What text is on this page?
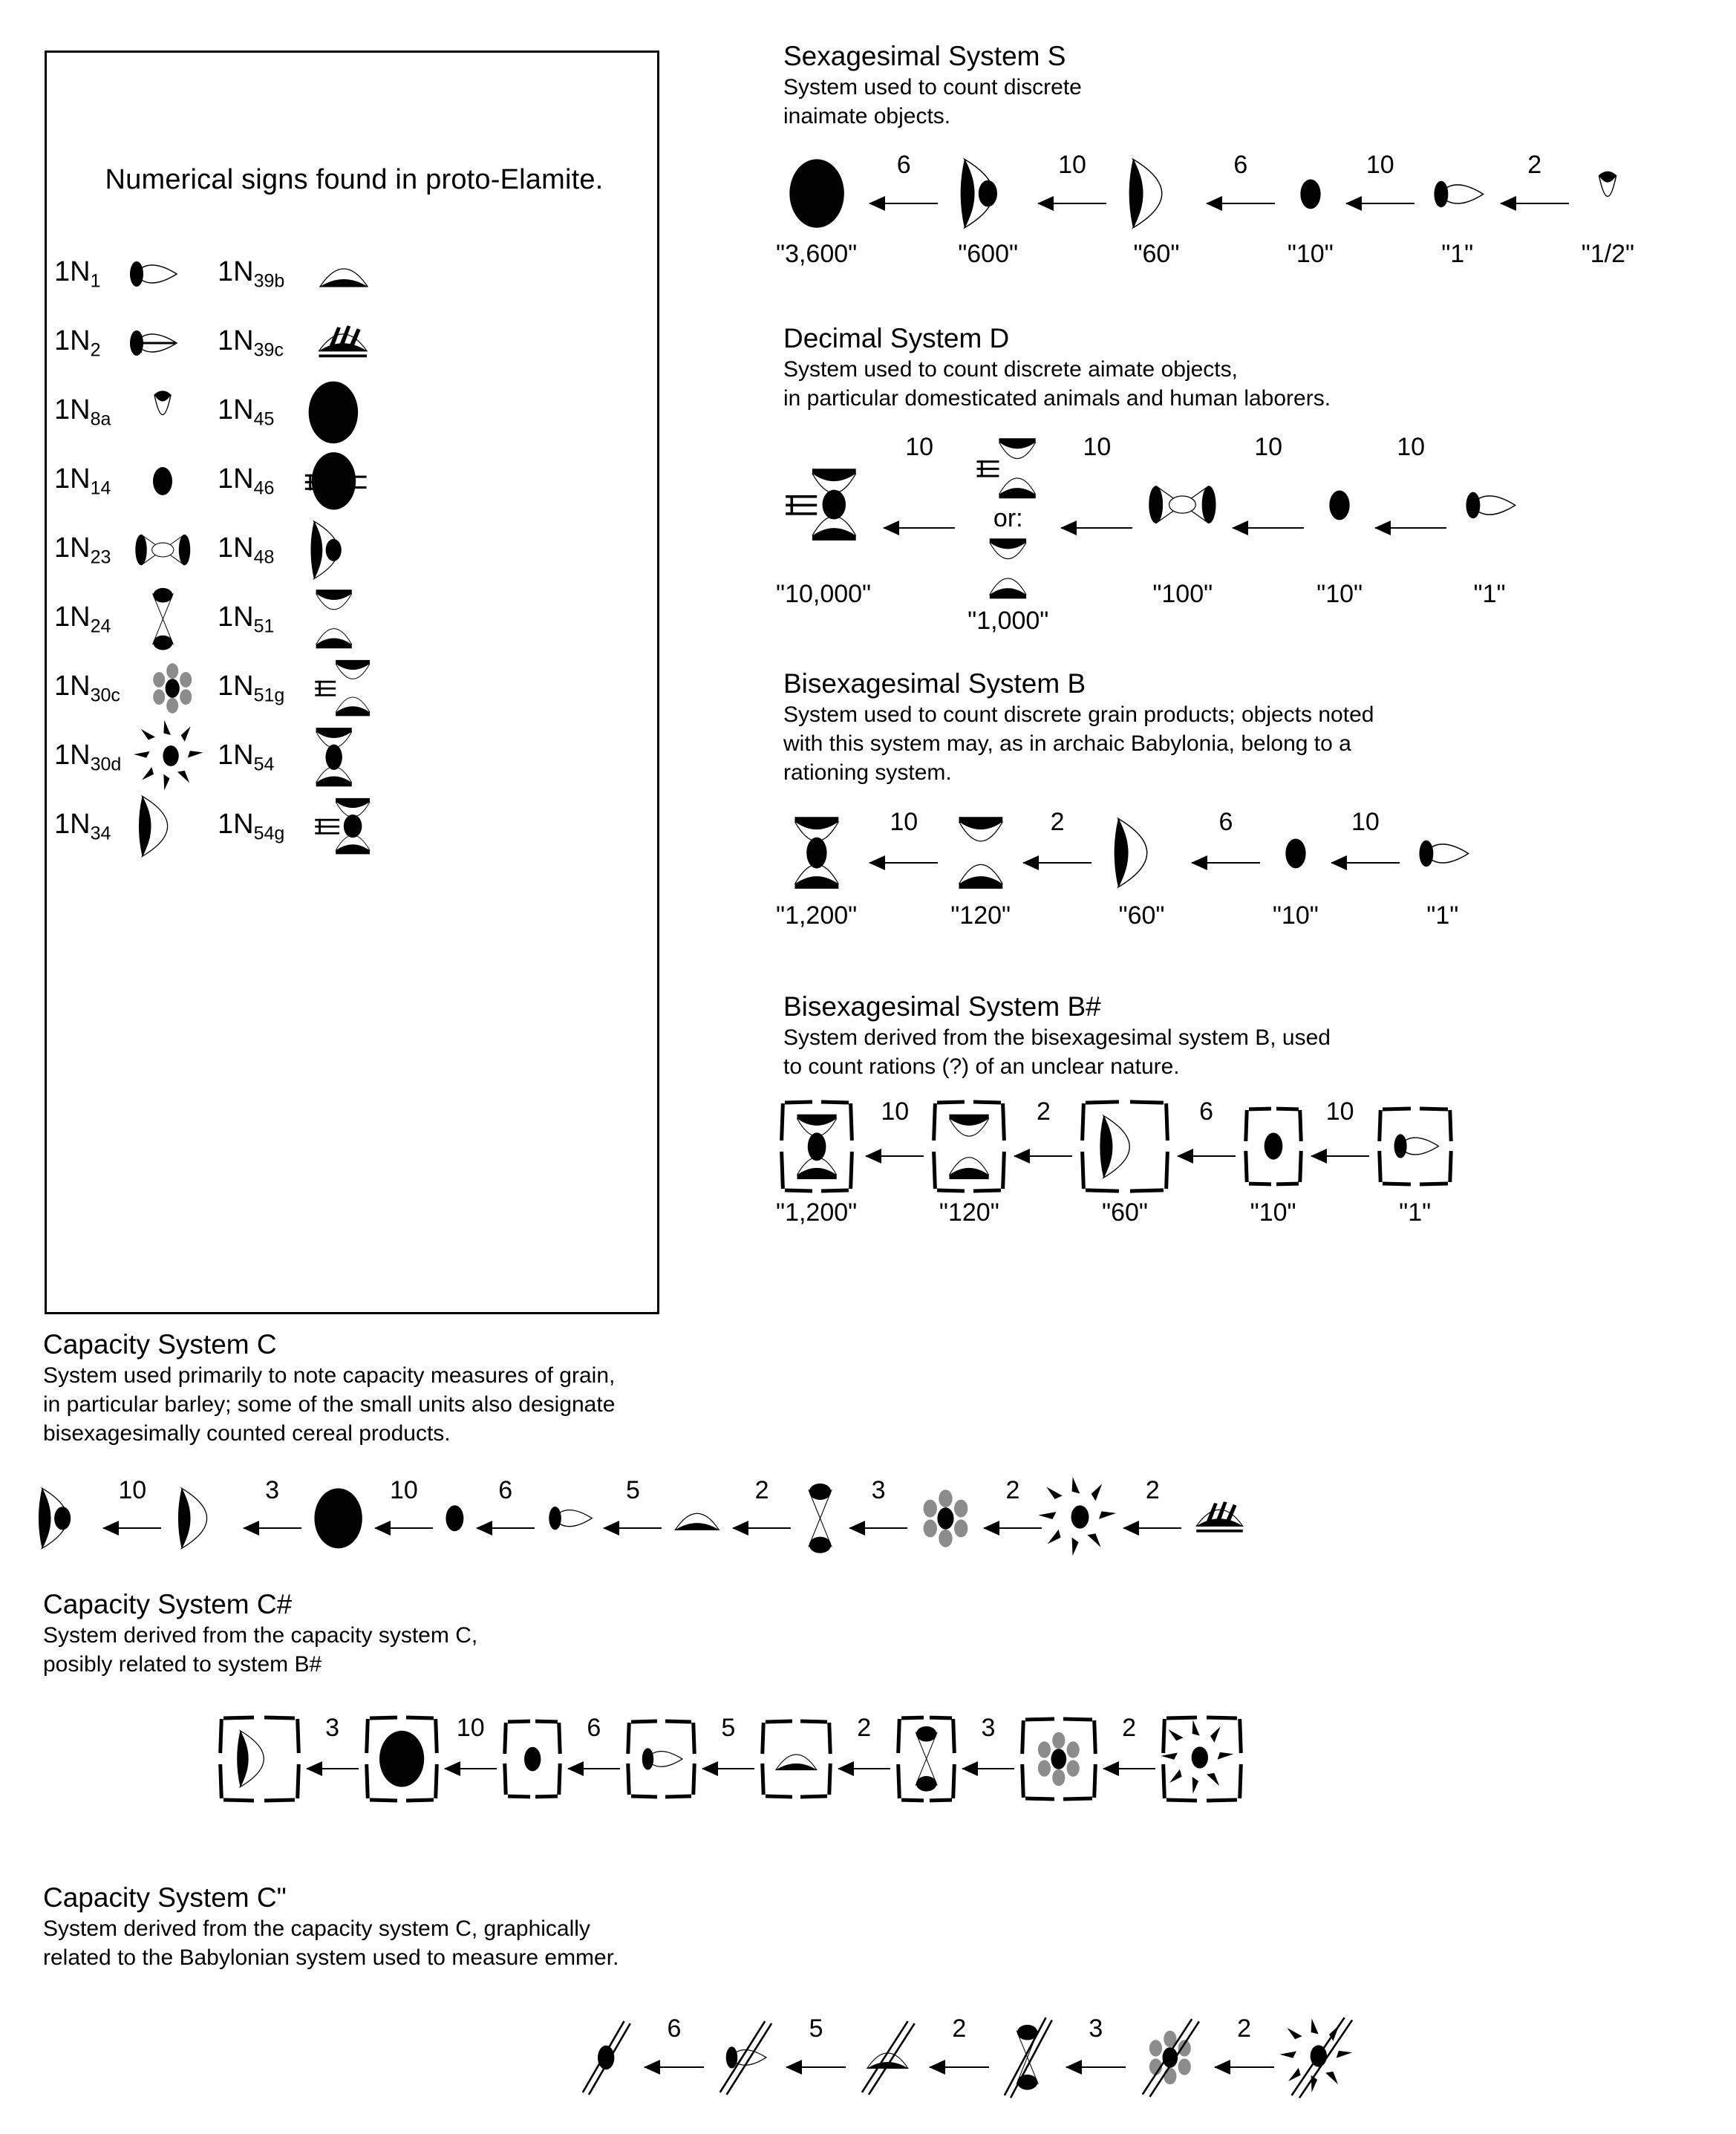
Numerical signs found in proto-Elamite.
$1N_1$
$1N_2$
$1N_{8a}$
$1N_{14}$
$1N_{23}$
$1N_{24}$
$1N_{30c}$
$1N_{30d}$
$1N_{34}$
$1N_{39b}$
$1N_{39c}$
$1N_{45}$
$1N_{46}$
$1N_{48}$
$1N_{51}$
$1N_{51g}$
$1N_{54}$
$1N_{54g}$
Sexagesimal System S
System used to count discrete
inaimate objects.
"1/2"
2
"1"
10
"10"
6
"60"
10
"600"
6
"3,600"
Decimal System D
System used to count discrete aimate objects,
in particular domesticated animals and human laborers.
"1"
10
"10"
10
"100"
10
or:
"1,000"
10
"10,000"
Bisexagesimal System B
System used to count discrete grain products; objects noted
with this system may, as in archaic Babylonia, belong to a
rationing system.
"1"
10
"10"
6
"60"
2
"120"
10
"1,200"
Bisexagesimal System B#
System derived from the bisexagesimal system B, used
to count rations (?) of an unclear nature.
"1"
10
"10"
6
"60"
2
"120"
10
"1,200"
Capacity System C
System used primarily to note capacity measures of grain,
in particular barley; some of the small units also designate
bisexagesimally counted cereal products.
2
2
3
2
5
6
10
3
10
Capacity System C#
System derived from the capacity system C,
posibly related to system B#
2
3
2
5
6
10
3
Capacity System C"
System derived from the capacity system C, graphically
related to the Babylonian system used to measure emmer.
2
3
2
5
6
